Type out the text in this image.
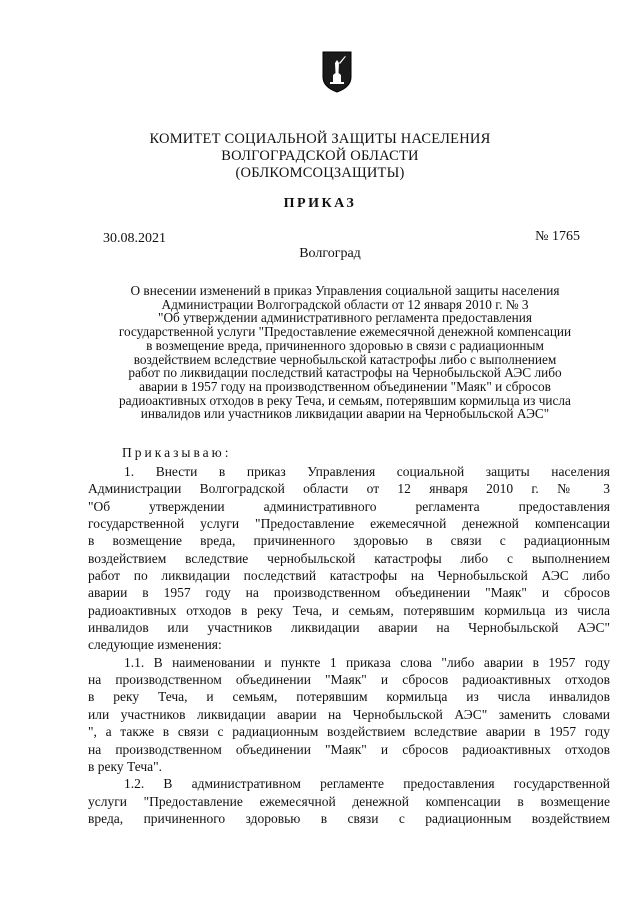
КОМИТЕТ СОЦИАЛЬНОЙ ЗАЩИТЫ НАСЕЛЕНИЯ
ВОЛГОГРАДСКОЙ ОБЛАСТИ
(ОБЛКОМСОЦЗАЩИТЫ)
ПРИКАЗ
30.08.2021	№ 1765
Волгоград
О внесении изменений в приказ Управления социальной защиты населения
Администрации Волгоградской области от 12 января 2010 г. № 3
"Об утверждении административного регламента предоставления
государственной услуги "Предоставление ежемесячной денежной компенсации
в возмещение вреда, причиненного здоровью в связи с радиационным
воздействием вследствие чернобыльской катастрофы либо с выполнением
работ по ликвидации последствий катастрофы на Чернобыльской АЭС либо
аварии в 1957 году на производственном объединении "Маяк" и сбросов
радиоактивных отходов в реку Теча, и семьям, потерявшим кормильца из числа
инвалидов или участников ликвидации аварии на Чернобыльской АЭС"
Приказываю:
1. Внести в приказ Управления социальной защиты населения
Администрации Волгоградской области от 12 января 2010 г. № 3
"Об утверждении административного регламента предоставления
государственной услуги "Предоставление ежемесячной денежной компенсации
в возмещение вреда, причиненного здоровью в связи с радиационным
воздействием вследствие чернобыльской катастрофы либо с выполнением
работ по ликвидации последствий катастрофы на Чернобыльской АЭС либо
аварии в 1957 году на производственном объединении "Маяк" и сбросов
радиоактивных отходов в реку Теча, и семьям, потерявшим кормильца из числа
инвалидов или участников ликвидации аварии на Чернобыльской АЭС"
следующие изменения:
1.1. В наименовании и пункте 1 приказа слова "либо аварии в 1957 году
на производственном объединении "Маяк" и сбросов радиоактивных отходов
в реку Теча, и семьям, потерявшим кормильца из числа инвалидов
или участников ликвидации аварии на Чернобыльской АЭС" заменить словами
", а также в связи с радиационным воздействием вследствие аварии в 1957 году
на производственном объединении "Маяк" и сбросов радиоактивных отходов
в реку Теча".
1.2. В административном регламенте предоставления государственной
услуги "Предоставление ежемесячной денежной компенсации в возмещение
вреда, причиненного здоровью в связи с радиационным воздействием
